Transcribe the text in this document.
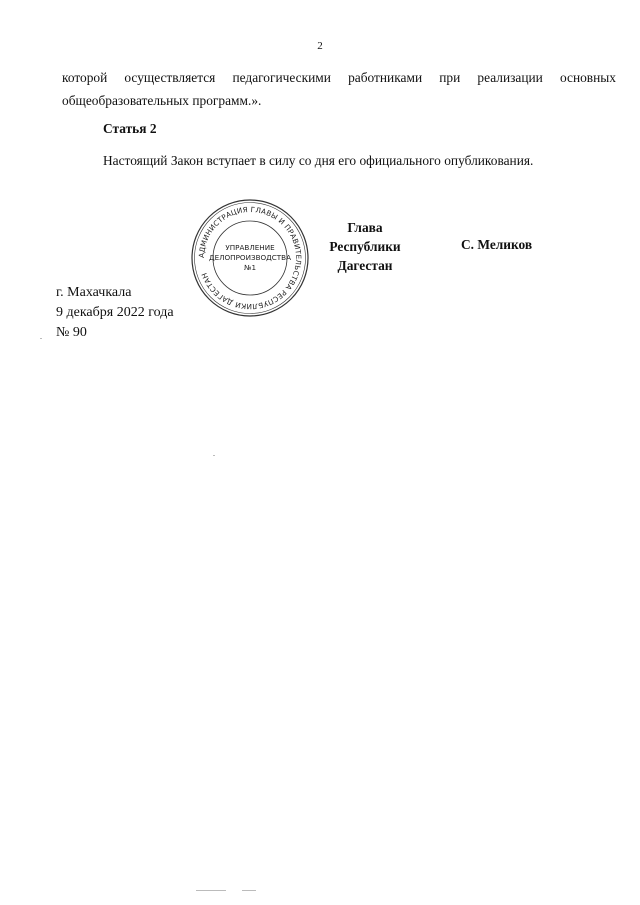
2
которой осуществляется педагогическими работниками при реализации основных
общеобразовательных программ.».
Статья 2
Настоящий Закон вступает в силу со дня его официального опубликования.
АДМИНИСТРАЦИЯ ГЛАВЫ И ПРАВИТЕЛЬСТВА РЕСПУБЛИКИ ДАГЕСТАН
УПРАВЛЕНИЕ
ДЕЛОПРОИЗВОДСТВА
№1
Глава
Республики Дагестан
С. Меликов
г. Махачкала
9 декабря 2022 года
№ 90
